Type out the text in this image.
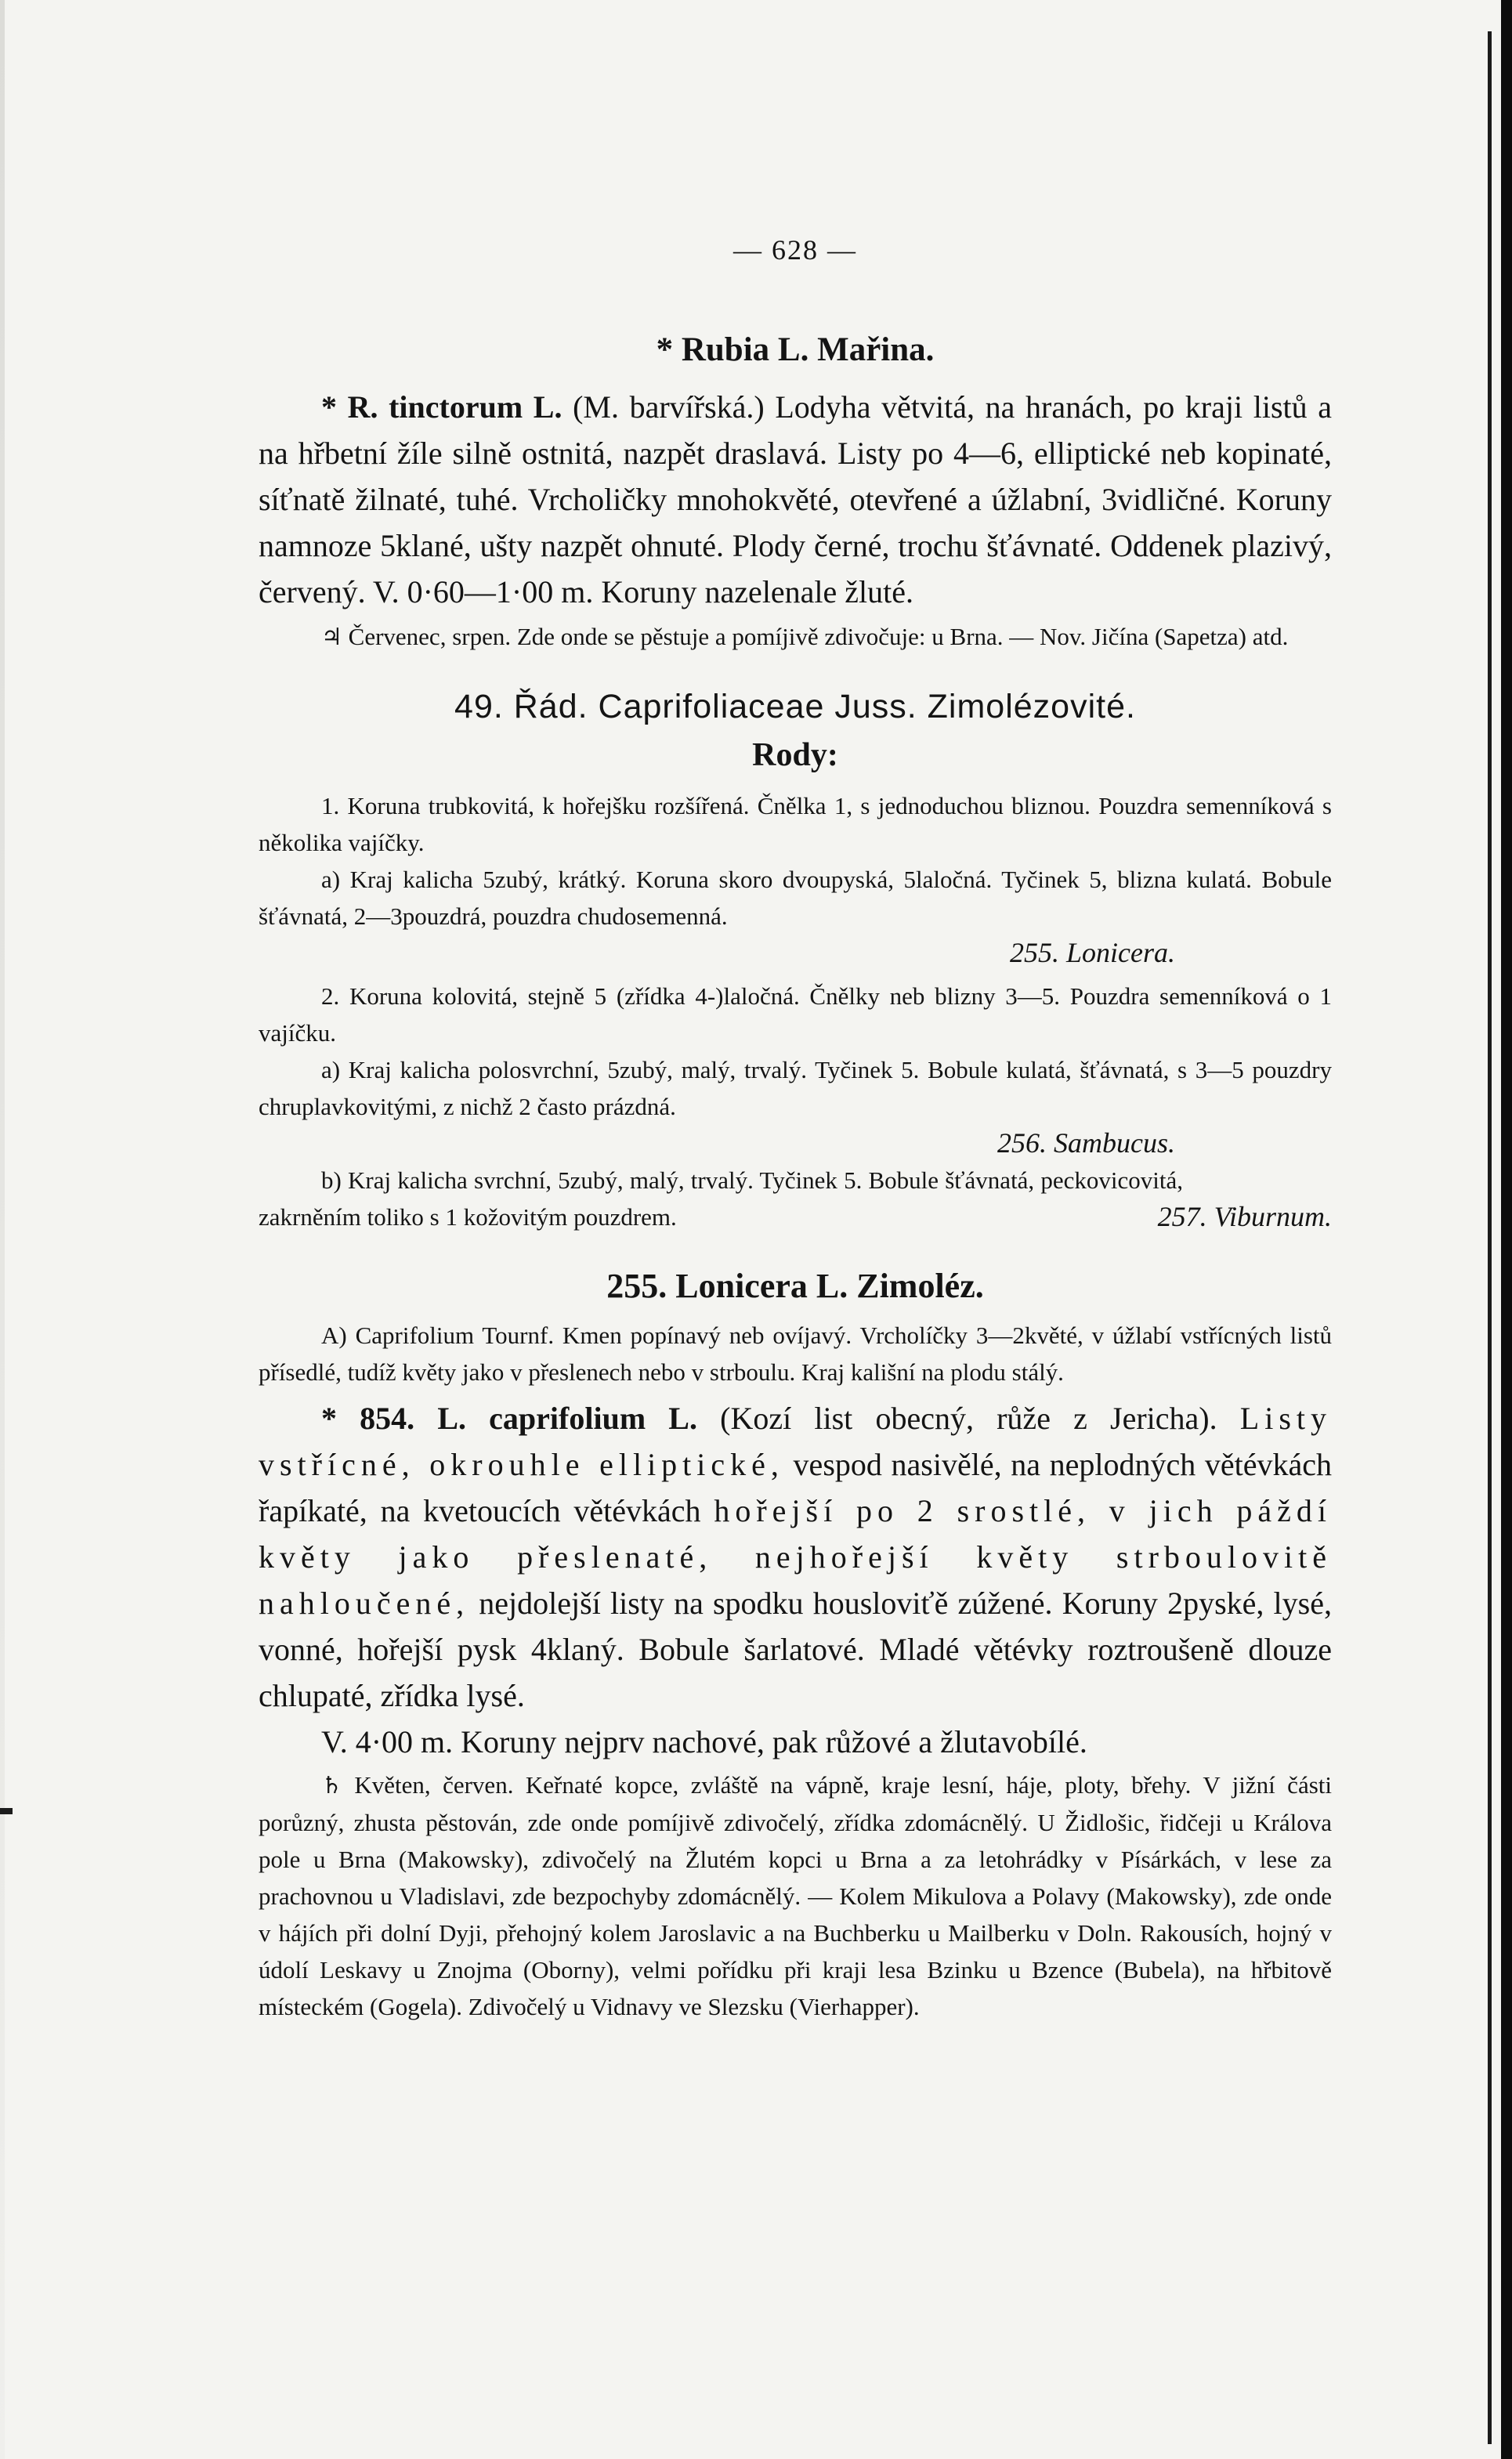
— 628 —
* Rubia L. Mařina.

* R. tinctorum L. (M. barvířská.) Lodyha větvitá, na hranách, po kraji listů a na hřbetní žíle silně ostnitá, nazpět draslavá. Listy po 4—6, elliptické neb kopinaté, síťnatě žilnaté, tuhé. Vrcholičky mnohokvěté, otevřené a úžlabní, 3vidličné. Koruny namnoze 5klané, ušty nazpět ohnuté. Plody černé, trochu šťávnaté. Oddenek plazivý, červený. V. 0·60—1·00 m. Koruny nazelenale žluté.

♃ Červenec, srpen. Zde onde se pěstuje a pomíjivě zdivočuje: u Brna. — Nov. Jičína (Sapetza) atd.

49. Řád. Caprifoliaceae Juss. Zimolézovité.
Rody:

1. Koruna trubkovitá, k hořejšku rozšířená. Čnělka 1, s jednoduchou bliznou. Pouzdra semenníková s několika vajíčky.

a) Kraj kalicha 5zubý, krátký. Koruna skoro dvoupyská, 5laločná. Tyčinek 5, blizna kulatá. Bobule šťávnatá, 2—3pouzdrá, pouzdra chudosemenná.

255. Lonicera.

2. Koruna kolovitá, stejně 5 (zřídka 4-)laločná. Čnělky neb blizny 3—5. Pouzdra semenníková o 1 vajíčku.

a) Kraj kalicha polosvrchní, 5zubý, malý, trvalý. Tyčinek 5. Bobule kulatá, šťávnatá, s 3—5 pouzdry chruplavkovitými, z nichž 2 často prázdná.

256. Sambucus.

b) Kraj kalicha svrchní, 5zubý, malý, trvalý. Tyčinek 5. Bobule šťávnatá, peckovicovitá, zakrněním toliko s 1 kožovitým pouzdrem.	257. Viburnum.

255. Lonicera L. Zimoléz.

A) Caprifolium Tournf. Kmen popínavý neb ovíjavý. Vrcholíčky 3—2květé, v úžlabí vstřícných listů přísedlé, tudíž květy jako v přeslenech nebo v strboulu. Kraj kališní na plodu stálý.

* 854. L. caprifolium L. (Kozí list obecný, růže z Jericha). Listy vstřícné, okrouhle elliptické, vespod nasivělé, na neplodných větévkách řapíkaté, na kvetoucích větévkách hořejší po 2 srostlé, v jich páždí květy jako přeslenaté, nejhořejší květy strboulovitě nahloučené, nejdolejší listy na spodku housloviťě zúžené. Koruny 2pyské, lysé, vonné, hořejší pysk 4klaný. Bobule šarlatové. Mladé větévky roztroušeně dlouze chlupaté, zřídka lysé.

V. 4·00 m. Koruny nejprv nachové, pak růžové a žlutavobílé.

♄ Květen, červen. Keřnaté kopce, zvláště na vápně, kraje lesní, háje, ploty, břehy. V jižní části porůzný, zhusta pěstován, zde onde pomíjivě zdivočelý, zřídka zdomácnělý. U Židlošic, řidčeji u Králova pole u Brna (Makowsky), zdivočelý na Žlutém kopci u Brna a za letohrádky v Písárkách, v lese za prachovnou u Vladislavi, zde bezpochyby zdomácnělý. — Kolem Mikulova a Polavy (Makowsky), zde onde v hájích při dolní Dyji, přehojný kolem Jaroslavic a na Buchberku u Mailberku v Doln. Rakousích, hojný v údolí Leskavy u Znojma (Oborny), velmi pořídku při kraji lesa Bzinku u Bzence (Bubela), na hřbitově místeckém (Gogela). Zdivočelý u Vidnavy ve Slezsku (Vierhapper).
